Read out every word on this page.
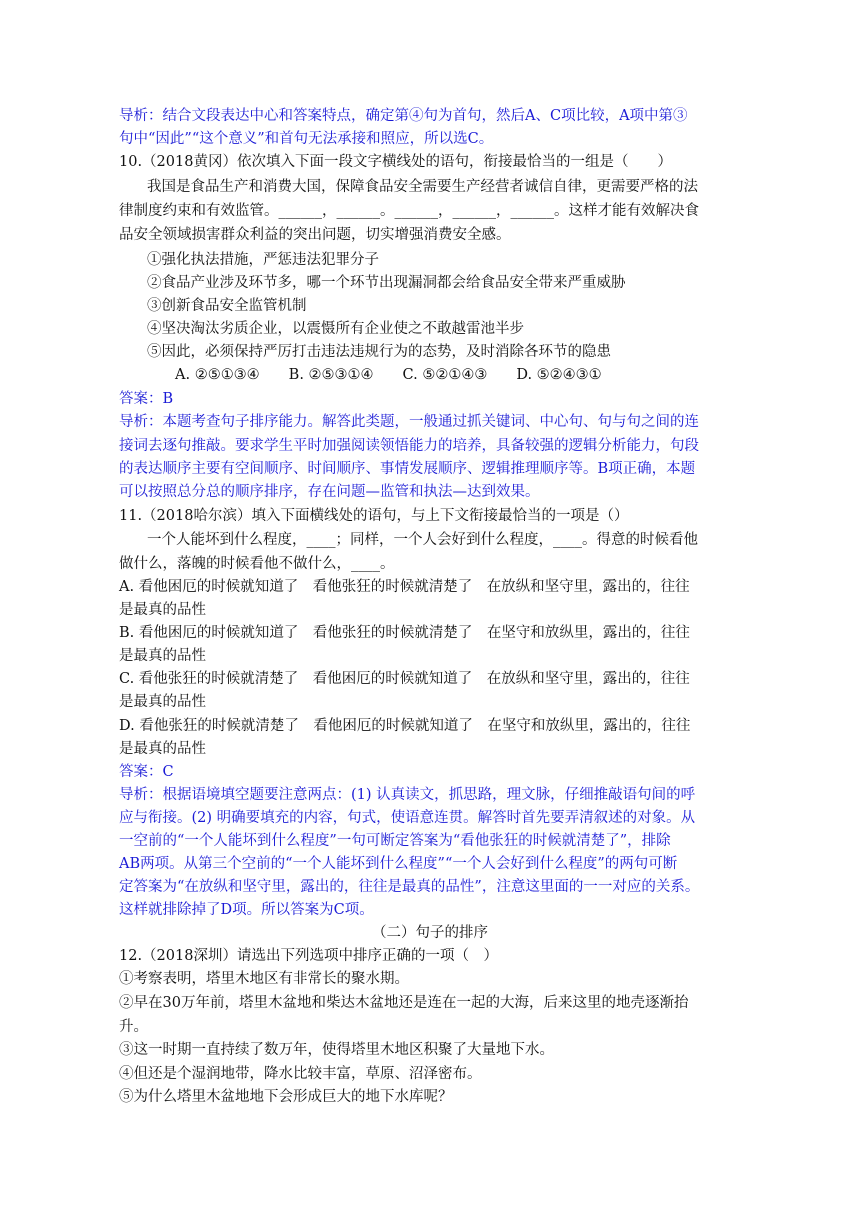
导析：结合文段表达中心和答案特点，确定第④句为首句，然后A、C项比较，A项中第③
句中“因此”“这个意义”和首句无法承接和照应，所以选C。
10.（2018黄冈）依次填入下面一段文字横线处的语句，衔接最恰当的一组是（　　）
我国是食品生产和消费大国，保障食品安全需要生产经营者诚信自律，更需要严格的法
律制度约束和有效监管。______，______。______，______，______。这样才能有效解决食
品安全领域损害群众利益的突出问题，切实增强消费安全感。
①强化执法措施，严惩违法犯罪分子
②食品产业涉及环节多，哪一个环节出现漏洞都会给食品安全带来严重威胁
③创新食品安全监管机制
④坚决淘汰劣质企业，以震慑所有企业使之不敢越雷池半步
⑤因此，必须保持严厉打击违法违规行为的态势，及时消除各环节的隐患
A. ②⑤①③④　　B. ②⑤③①④　　C. ⑤②①④③　　D. ⑤②④③①
答案：B
导析：本题考查句子排序能力。解答此类题，一般通过抓关键词、中心句、句与句之间的连
接词去逐句推敲。要求学生平时加强阅读领悟能力的培养，具备较强的逻辑分析能力，句段
的表达顺序主要有空间顺序、时间顺序、事情发展顺序、逻辑推理顺序等。B项正确，本题
可以按照总分总的顺序排序，存在问题—监管和执法—达到效果。
11.（2018哈尔滨）填入下面横线处的语句，与上下文衔接最恰当的一项是（）
一个人能坏到什么程度，____；同样，一个人会好到什么程度，____。得意的时候看他
做什么，落魄的时候看他不做什么，____。
A. 看他困厄的时候就知道了　看他张狂的时候就清楚了　在放纵和坚守里，露出的，往往
是最真的品性
B. 看他困厄的时候就知道了　看他张狂的时候就清楚了　在坚守和放纵里，露出的，往往
是最真的品性
C. 看他张狂的时候就清楚了　看他困厄的时候就知道了　在放纵和坚守里，露出的，往往
是最真的品性
D. 看他张狂的时候就清楚了　看他困厄的时候就知道了　在坚守和放纵里，露出的，往往
是最真的品性
答案：C
导析：根据语境填空题要注意两点：(1) 认真读文，抓思路，理文脉，仔细推敲语句间的呼
应与衔接。(2) 明确要填充的内容，句式，使语意连贯。解答时首先要弄清叙述的对象。从
一空前的“一个人能坏到什么程度”一句可断定答案为“看他张狂的时候就清楚了”，排除
AB两项。从第三个空前的“一个人能坏到什么程度”“一个人会好到什么程度”的两句可断
定答案为“在放纵和坚守里，露出的，往往是最真的品性”，注意这里面的一一对应的关系。
这样就排除掉了D项。所以答案为C项。
（二）句子的排序
12.（2018深圳）请选出下列选项中排序正确的一项（　）
①考察表明，塔里木地区有非常长的聚水期。
②早在30万年前，塔里木盆地和柴达木盆地还是连在一起的大海，后来这里的地壳逐渐抬
升。
③这一时期一直持续了数万年，使得塔里木地区积聚了大量地下水。
④但还是个湿润地带，降水比较丰富，草原、沼泽密布。
⑤为什么塔里木盆地地下会形成巨大的地下水库呢？
